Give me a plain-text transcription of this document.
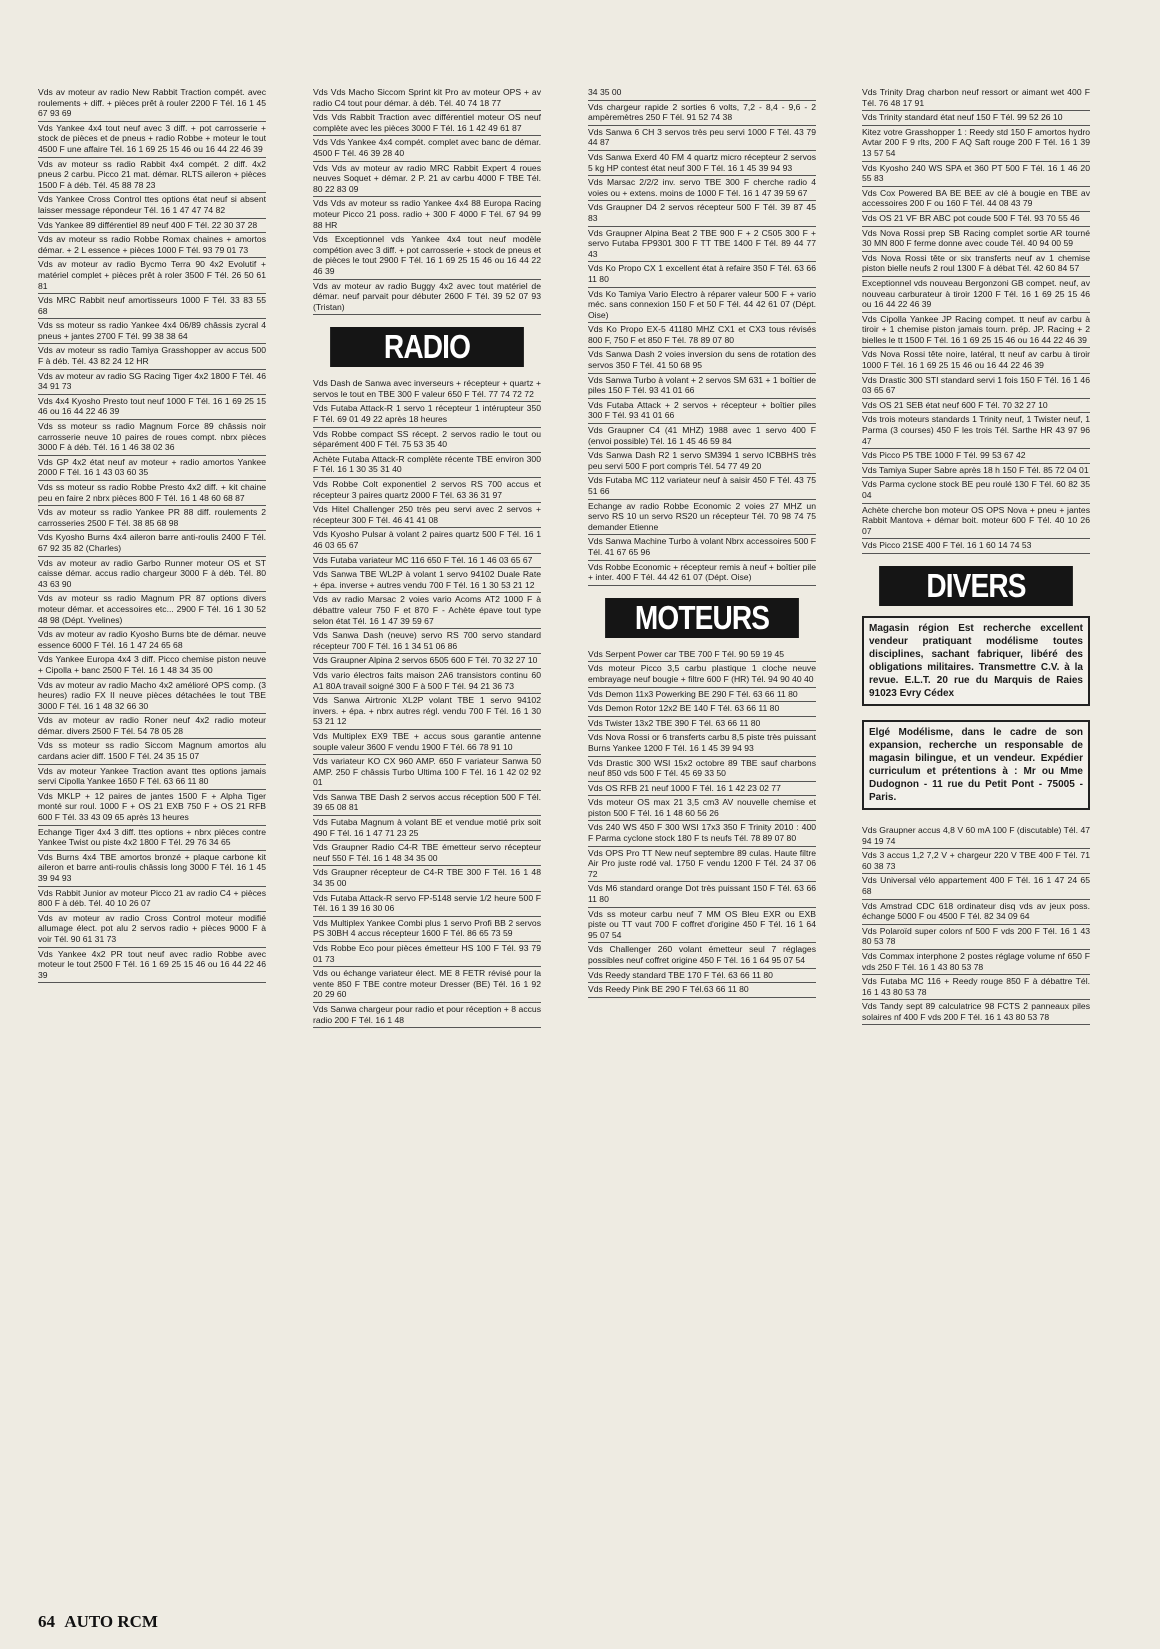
Vds av moteur av radio New Rabbit Traction compét. avec roulements + diff. + pièces prêt à rouler 2200 F Tél. 16 1 45 67 93 69
Vds Yankee 4x4 tout neuf avec 3 diff. + pot carrosserie + stock de pièces et de pneus + radio Robbe + moteur le tout 4500 F une affaire Tél. 16 1 69 25 15 46 ou 16 44 22 46 39
Vds av moteur ss radio Rabbit 4x4 compét. 2 diff. 4x2 pneus 2 carbu. Picco 21 mat. démar. RLTS aileron + pièces 1500 F à déb. Tél. 45 88 78 23
Vds Yankee Cross Control ttes options état neuf si absent laisser message répondeur Tél. 16 1 47 47 74 82
Vds Yankee 89 différentiel 89 neuf 400 F Tél. 22 30 37 28
Vds av moteur ss radio Robbe Romax chaines + amortos démar. + 2 L essence + pièces 1000 F Tél. 93 79 01 73
Vds av moteur av radio Bycmo Terra 90 4x2 Evolutif + matériel complet + pièces prêt à roler 3500 F Tél. 26 50 61 81
Vds MRC Rabbit neuf amortisseurs 1000 F Tél. 33 83 55 68
Vds ss moteur ss radio Yankee 4x4 06/89 châssis zycral 4 pneus + jantes 2700 F Tél. 99 38 38 64
Vds av moteur ss radio Tamiya Grasshopper av accus 500 F à déb. Tél. 43 82 24 12 HR
Vds av moteur av radio SG Racing Tiger 4x2 1800 F Tél. 46 34 91 73
Vds 4x4 Kyosho Presto tout neuf 1000 F Tél. 16 1 69 25 15 46 ou 16 44 22 46 39
Vds ss moteur ss radio Magnum Force 89 châssis noir carrosserie neuve 10 paires de roues compt. nbrx pièces 3000 F à déb. Tél. 16 1 46 38 02 36
Vds GP 4x2 état neuf av moteur + radio amortos Yankee 2000 F Tél. 16 1 43 03 60 35
Vds ss moteur ss radio Robbe Presto 4x2 diff. + kit chaine peu en faire 2 nbrx pièces 800 F Tél. 16 1 48 60 68 87
Vds av moteur ss radio Yankee PR 88 diff. roulements 2 carrosseries 2500 F Tél. 38 85 68 98
Vds Kyosho Burns 4x4 aileron barre anti-roulis 2400 F Tél. 67 92 35 82 (Charles)
Vds av moteur av radio Garbo Runner moteur OS et ST caisse démar. accus radio chargeur 3000 F à déb. Tél. 80 43 63 90
Vds av moteur ss radio Magnum PR 87 options divers moteur démar. et accessoires etc... 2900 F Tél. 16 1 30 52 48 98 (Dépt. Yvelines)
Vds av moteur av radio Kyosho Burns bte de démar. neuve essence 6000 F Tél. 16 1 47 24 65 68
Vds Yankee Europa 4x4 3 diff. Picco chemise piston neuve + Cipolla + banc 2500 F Tél. 16 1 48 34 35 00
Vds av moteur av radio Macho 4x2 amélioré OPS comp. (3 heures) radio FX II neuve pièces détachées le tout TBE 3000 F Tél. 16 1 48 32 66 30
Vds av moteur av radio Roner neuf 4x2 radio moteur démar. divers 2500 F Tél. 54 78 05 28
Vds ss moteur ss radio Siccom Magnum amortos alu cardans acier diff. 1500 F Tél. 24 35 15 07
Vds av moteur Yankee Traction avant ttes options jamais servi Cipolla Yankee 1650 F Tél. 63 66 11 80
Vds MKLP + 12 paires de jantes 1500 F + Alpha Tiger monté sur roul. 1000 F + OS 21 EXB 750 F + OS 21 RFB 600 F Tél. 33 43 09 65 après 13 heures
Echange Tiger 4x4 3 diff. ttes options + nbrx pièces contre Yankee Twist ou piste 4x2 1800 F Tél. 29 76 34 65
Vds Burns 4x4 TBE amortos bronzé + plaque carbone kit aileron et barre anti-roulis châssis long 3000 F Tél. 16 1 45 39 94 93
Vds Rabbit Junior av moteur Picco 21 av radio C4 + pièces 800 F à déb. Tél. 40 10 26 07
Vds av moteur av radio Cross Control moteur modifié allumage élect. pot alu 2 servos radio + pièces 9000 F à voir Tél. 90 61 31 73
Vds Yankee 4x2 PR tout neuf avec radio Robbe avec moteur le tout 2500 F Tél. 16 1 69 25 15 46 ou 16 44 22 46 39
Vds Vds Macho Siccom Sprint kit Pro av moteur OPS + av radio C4 tout pour démar. à déb. Tél. 40 74 18 77
Vds Vds Rabbit Traction avec différentiel moteur OS neuf complète avec les pièces 3000 F Tél. 16 1 42 49 61 87
Vds Vds Yankee 4x4 compét. complet avec banc de démar. 4500 F Tél. 46 39 28 40
Vds Vds av moteur av radio MRC Rabbit Expert 4 roues neuves Soquet + démar. 2 P. 21 av carbu 4000 F TBE Tél. 80 22 83 09
Vds Vds av moteur ss radio Yankee 4x4 88 Europa Racing moteur Picco 21 poss. radio + 300 F 4000 F Tél. 67 94 99 88 HR
Vds Exceptionnel vds Yankee 4x4 tout neuf modèle compétion avec 3 diff. + pot carrosserie + stock de pneus et de pièces le tout 2900 F Tél. 16 1 69 25 15 46 ou 16 44 22 46 39
Vds av moteur av radio Buggy 4x2 avec tout matériel de démar. neuf parvait pour débuter 2600 F Tél. 39 52 07 93 (Tristan)
RADIO
Vds Dash de Sanwa avec inverseurs + récepteur + quartz + servos le tout en TBE 300 F valeur 650 F Tél. 77 74 72 72
Vds Futaba Attack-R 1 servo 1 récepteur 1 intérupteur 350 F Tél. 69 01 49 22 après 18 heures
Vds Robbe compact SS récept. 2 servos radio le tout ou séparément 400 F Tél. 75 53 35 40
Achète Futaba Attack-R complète récente TBE environ 300 F Tél. 16 1 30 35 31 40
Vds Robbe Colt exponentiel 2 servos RS 700 accus et récepteur 3 paires quartz 2000 F Tél. 63 36 31 97
Vds Hitel Challenger 250 très peu servi avec 2 servos + récepteur 300 F Tél. 46 41 41 08
Vds Kyosho Pulsar à volant 2 paires quartz 500 F Tél. 16 1 46 03 65 67
Vds Futaba variateur MC 116 650 F Tél. 16 1 46 03 65 67
Vds Sanwa TBE WL2P à volant 1 servo 94102 Duale Rate + épa. inverse + autres vendu 700 F Tél. 16 1 30 53 21 12
Vds av radio Marsac 2 voies vario Acoms AT2 1000 F à débattre valeur 750 F et 870 F - Achète épave tout type selon état Tél. 16 1 47 39 59 67
Vds Sanwa Dash (neuve) servo RS 700 servo standard récepteur 700 F Tél. 16 1 34 51 06 86
Vds Graupner Alpina 2 servos 6505 600 F Tél. 70 32 27 10
Vds vario électros faits maison 2A6 transistors continu 60 A1 80A travail soigné 300 F à 500 F Tél. 94 21 36 73
Vds Sanwa Airtronic XL2P volant TBE 1 servo 94102 invers. + épa. + nbrx autres régl. vendu 700 F Tél. 16 1 30 53 21 12
Vds Multiplex EX9 TBE + accus sous garantie antenne souple valeur 3600 F vendu 1900 F Tél. 66 78 91 10
Vds variateur KO CX 960 AMP. 650 F variateur Sanwa 50 AMP. 250 F châssis Turbo Ultima 100 F Tél. 16 1 42 02 92 01
Vds Sanwa TBE Dash 2 servos accus réception 500 F Tél. 39 65 08 81
Vds Futaba Magnum à volant BE et vendue motié prix soit 490 F Tél. 16 1 47 71 23 25
Vds Graupner Radio C4-R TBE émetteur servo récepteur neuf 550 F Tél. 16 1 48 34 35 00
Vds Graupner récepteur de C4-R TBE 300 F Tél. 16 1 48 34 35 00
Vds Futaba Attack-R servo FP-5148 servie 1/2 heure 500 F Tél. 16 1 39 16 30 06
Vds Multiplex Yankee Combi plus 1 servo Profi BB 2 servos PS 30BH 4 accus récepteur 1600 F Tél. 86 65 73 59
Vds Robbe Eco pour pièces émetteur HS 100 F Tél. 93 79 01 73
Vds ou échange variateur élect. ME 8 FETR révisé pour la vente 850 F TBE contre moteur Dresser (BE) Tél. 16 1 92 20 29 60
Vds Sanwa chargeur pour radio et pour réception + 8 accus radio 200 F Tél. 16 1 48
34 35 00
Vds chargeur rapide 2 sorties 6 volts, 7,2 - 8,4 - 9,6 - 2 ampèremètres 250 F Tél. 91 52 74 38
Vds Sanwa 6 CH 3 servos très peu servi 1000 F Tél. 43 79 44 87
Vds Sanwa Exerd 40 FM 4 quartz micro récepteur 2 servos 5 kg HP contest état neuf 300 F Tél. 16 1 45 39 94 93
Vds Marsac 2/2/2 inv. servo TBE 300 F cherche radio 4 voies ou + extens. moins de 1000 F Tél. 16 1 47 39 59 67
Vds Graupner D4 2 servos récepteur 500 F Tél. 39 87 45 83
Vds Graupner Alpina Beat 2 TBE 900 F + 2 C505 300 F + servo Futaba FP9301 300 F TT TBE 1400 F Tél. 89 44 77 43
Vds Ko Propo CX 1 excellent état à refaire 350 F Tél. 63 66 11 80
Vds Ko Tamiya Vario Electro à réparer valeur 500 F + vario méc. sans connexion 150 F et 50 F Tél. 44 42 61 07 (Dépt. Oise)
Vds Ko Propo EX-5 41180 MHZ CX1 et CX3 tous révisés 800 F, 750 F et 850 F Tél. 78 89 07 80
Vds Sanwa Dash 2 voies inversion du sens de rotation des servos 350 F Tél. 41 50 68 95
Vds Sanwa Turbo à volant + 2 servos SM 631 + 1 boîtier de piles 150 F Tél. 93 41 01 66
Vds Futaba Attack + 2 servos + récepteur + boîtier piles 300 F Tél. 93 41 01 66
Vds Graupner C4 (41 MHZ) 1988 avec 1 servo 400 F (envoi possible) Tél. 16 1 45 46 59 84
Vds Sanwa Dash R2 1 servo SM394 1 servo ICBBHS très peu servi 500 F port compris Tél. 54 77 49 20
Vds Futaba MC 112 variateur neuf à saisir 450 F Tél. 43 75 51 66
Echange av radio Robbe Economic 2 voies 27 MHZ un servo RS 10 un servo RS20 un récepteur Tél. 70 98 74 75 demander Etienne
Vds Sanwa Machine Turbo à volant Nbrx accessoires 500 F Tél. 41 67 65 96
Vds Robbe Economic + récepteur remis à neuf + boîtier pile + inter. 400 F Tél. 44 42 61 07 (Dépt. Oise)
MOTEURS
Vds Serpent Power car TBE 700 F Tél. 90 59 19 45
Vds moteur Picco 3,5 carbu plastique 1 cloche neuve embrayage neuf bougie + filtre 600 F (HR) Tél. 94 90 40 40
Vds Demon 11x3 Powerking BE 290 F Tél. 63 66 11 80
Vds Demon Rotor 12x2 BE 140 F Tél. 63 66 11 80
Vds Twister 13x2 TBE 390 F Tél. 63 66 11 80
Vds Nova Rossi or 6 transferts carbu 8,5 piste très puissant Burns Yankee 1200 F Tél. 16 1 45 39 94 93
Vds Drastic 300 WSI 15x2 octobre 89 TBE sauf charbons neuf 850 vds 500 F Tél. 45 69 33 50
Vds OS RFB 21 neuf 1000 F Tél. 16 1 42 23 02 77
Vds moteur OS max 21 3,5 cm3 AV nouvelle chemise et piston 500 F Tél. 16 1 48 60 56 26
Vds 240 WS 450 F 300 WSI 17x3 350 F Trinity 2010 : 400 F Parma cyclone stock 180 F ts neufs Tél. 78 89 07 80
Vds OPS Pro TT New neuf septembre 89 culas. Haute filtre Air Pro juste rodé val. 1750 F vendu 1200 F Tél. 24 37 06 72
Vds M6 standard orange Dot très puissant 150 F Tél. 63 66 11 80
Vds ss moteur carbu neuf 7 MM OS Bleu EXR ou EXB piste ou TT vaut 700 F coffret d'origine 450 F Tél. 16 1 64 95 07 54
Vds Challenger 260 volant émetteur seul 7 réglages possibles neuf coffret origine 450 F Tél. 16 1 64 95 07 54
Vds Reedy standard TBE 170 F Tél. 63 66 11 80
Vds Reedy Pink BE 290 F Tél.63 66 11 80
Vds Trinity Drag charbon neuf ressort or aimant wet 400 F Tél. 76 48 17 91
Vds Trinity standard état neuf 150 F Tél. 99 52 26 10
Kitez votre Grasshopper 1 : Reedy std 150 F amortos hydro Avtar 200 F 9 rlts, 200 F AQ Saft rouge 200 F Tél. 16 1 39 13 57 54
Vds Kyosho 240 WS SPA et 360 PT 500 F Tél. 16 1 46 20 55 83
Vds Cox Powered BA BE BEE av clé à bougie en TBE av accessoires 200 F ou 160 F Tél. 44 08 43 79
Vds OS 21 VF BR ABC pot coude 500 F Tél. 93 70 55 46
Vds Nova Rossi prep SB Racing complet sortie AR tourné 30 MN 800 F ferme donne avec coude Tél. 40 94 00 59
Vds Nova Rossi tête or six transferts neuf av 1 chemise piston bielle neufs 2 roul 1300 F à débat Tél. 42 60 84 57
Exceptionnel vds nouveau Bergonzoni GB compet. neuf, av nouveau carburateur à tiroir 1200 F Tél. 16 1 69 25 15 46 ou 16 44 22 46 39
Vds Cipolla Yankee JP Racing compet. tt neuf av carbu à tiroir + 1 chemise piston jamais tourn. prép. JP. Racing + 2 bielles le tt 1500 F Tél. 16 1 69 25 15 46 ou 16 44 22 46 39
Vds Nova Rossi tête noire, latéral, tt neuf av carbu à tiroir 1000 F Tél. 16 1 69 25 15 46 ou 16 44 22 46 39
Vds Drastic 300 STI standard servi 1 fois 150 F Tél. 16 1 46 03 65 67
Vds OS 21 SEB état neuf 600 F Tél. 70 32 27 10
Vds trois moteurs standards 1 Trinity neuf, 1 Twister neuf, 1 Parma (3 courses) 450 F les trois Tél. Sarthe HR 43 97 96 47
Vds Picco P5 TBE 1000 F Tél. 99 53 67 42
Vds Tamiya Super Sabre après 18 h 150 F Tél. 85 72 04 01
Vds Parma cyclone stock BE peu roulé 130 F Tél. 60 82 35 04
Achète cherche bon moteur OS OPS Nova + pneu + jantes Rabbit Mantova + démar boit. moteur 600 F Tél. 40 10 26 07
Vds Picco 21SE 400 F Tél. 16 1 60 14 74 53
DIVERS
Magasin région Est recherche excellent vendeur pratiquant modélisme toutes disciplines, sachant fabriquer, libéré des obligations militaires. Transmettre C.V. à la revue. E.L.T. 20 rue du Marquis de Raies 91023 Evry Cédex
Elgé Modélisme, dans le cadre de son expansion, recherche un responsable de magasin bilingue, et un vendeur. Expédier curriculum et prétentions à : Mr ou Mme Dudognon - 11 rue du Petit Pont - 75005 - Paris.
Vds Graupner accus 4,8 V 60 mA 100 F (discutable) Tél. 47 94 19 74
Vds 3 accus 1,2 7,2 V + chargeur 220 V TBE 400 F Tél. 71 60 38 73
Vds Universal vélo appartement 400 F Tél. 16 1 47 24 65 68
Vds Amstrad CDC 618 ordinateur disq vds av jeux poss. échange 5000 F ou 4500 F Tél. 82 34 09 64
Vds Polaroïd super colors nf 500 F vds 200 F Tél. 16 1 43 80 53 78
Vds Commax interphone 2 postes réglage volume nf 650 F vds 250 F Tél. 16 1 43 80 53 78
Vds Futaba MC 116 + Reedy rouge 850 F à débattre Tél. 16 1 43 80 53 78
Vds Tandy sept 89 calculatrice 98 FCTS 2 panneaux piles solaires nf 400 F vds 200 F Tél. 16 1 43 80 53 78
64 AUTO RCM
